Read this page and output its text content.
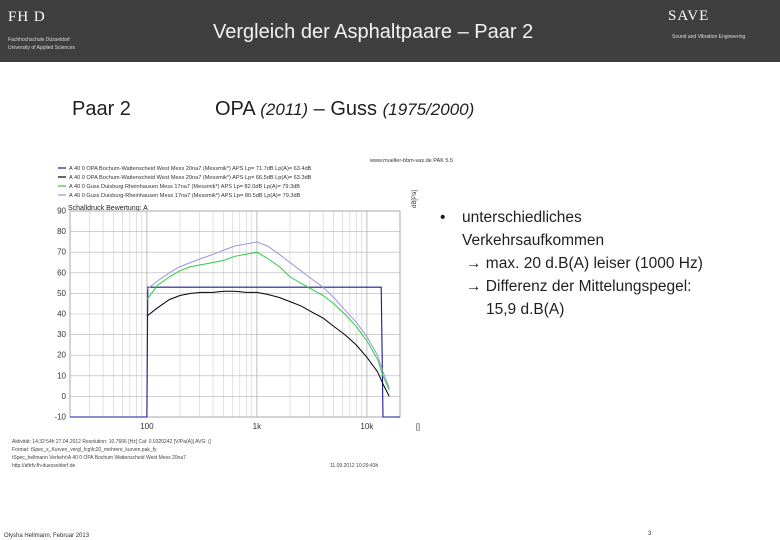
FH D
Fachhochschule Düsseldorf
University of Applied Sciences
Vergleich der Asphaltpaare – Paar 2
SAVE
Sound and Vibration Engineering
Paar 2	OPA (2011) – Guss (1975/2000)
www.mueller-bbm-vas.de PAK 5.5
A 40 0 OPA Bochum-Wattenscheid West Mess 20na7 (Messmik*) APS Lp= 71.7dB Lp(A)= 63.4dB
A 40 0 OPA Bochum-Wattenscheid West Mess 20na7 (Messmik*) APS Lp= 66.5dB Lp(A)= 63.3dB
A 40 0 Guss Duisburg Rheinhausen Mess 17na7 (Messmik*) APS Lp= 82.0dB Lp(A)= 79.3dB
A 40 0 Guss Duisburg-Rheinhausen Mess 17na7 (Messmik*) APS Lp= 80.5dB Lp(A)= 79.3dB	dB[Pa]
Schalldruck Bewertung: A
90
80
70
60
50
40
30
20
10
0
-10
100	1k	10k	[]
Aktivität: 14:32:54h 27.04.2012 Resolution: 10.7666 [Hz] Cal: 0.0320242 [V/Pa(A)] AVG: ()
Format: tSpec_x_Kurven_vergl_fcg\fc20_mehrere_kurven.pak_fy
tSpec_hellmann Verkehr\A 40 0 OPA Bochum Wattenscheid West Mess 20na7
http://aftrfv.fh-duesseldorf.de	11.09.2012 10:29:43h
• unterschiedliches
Verkehrsaufkommen
→ max. 20 d.B(A) leiser (1000 Hz)
→ Differenz der Mittelungspegel:
15,9 d.B(A)
Olysha Hellmann, Februar 2013	3
